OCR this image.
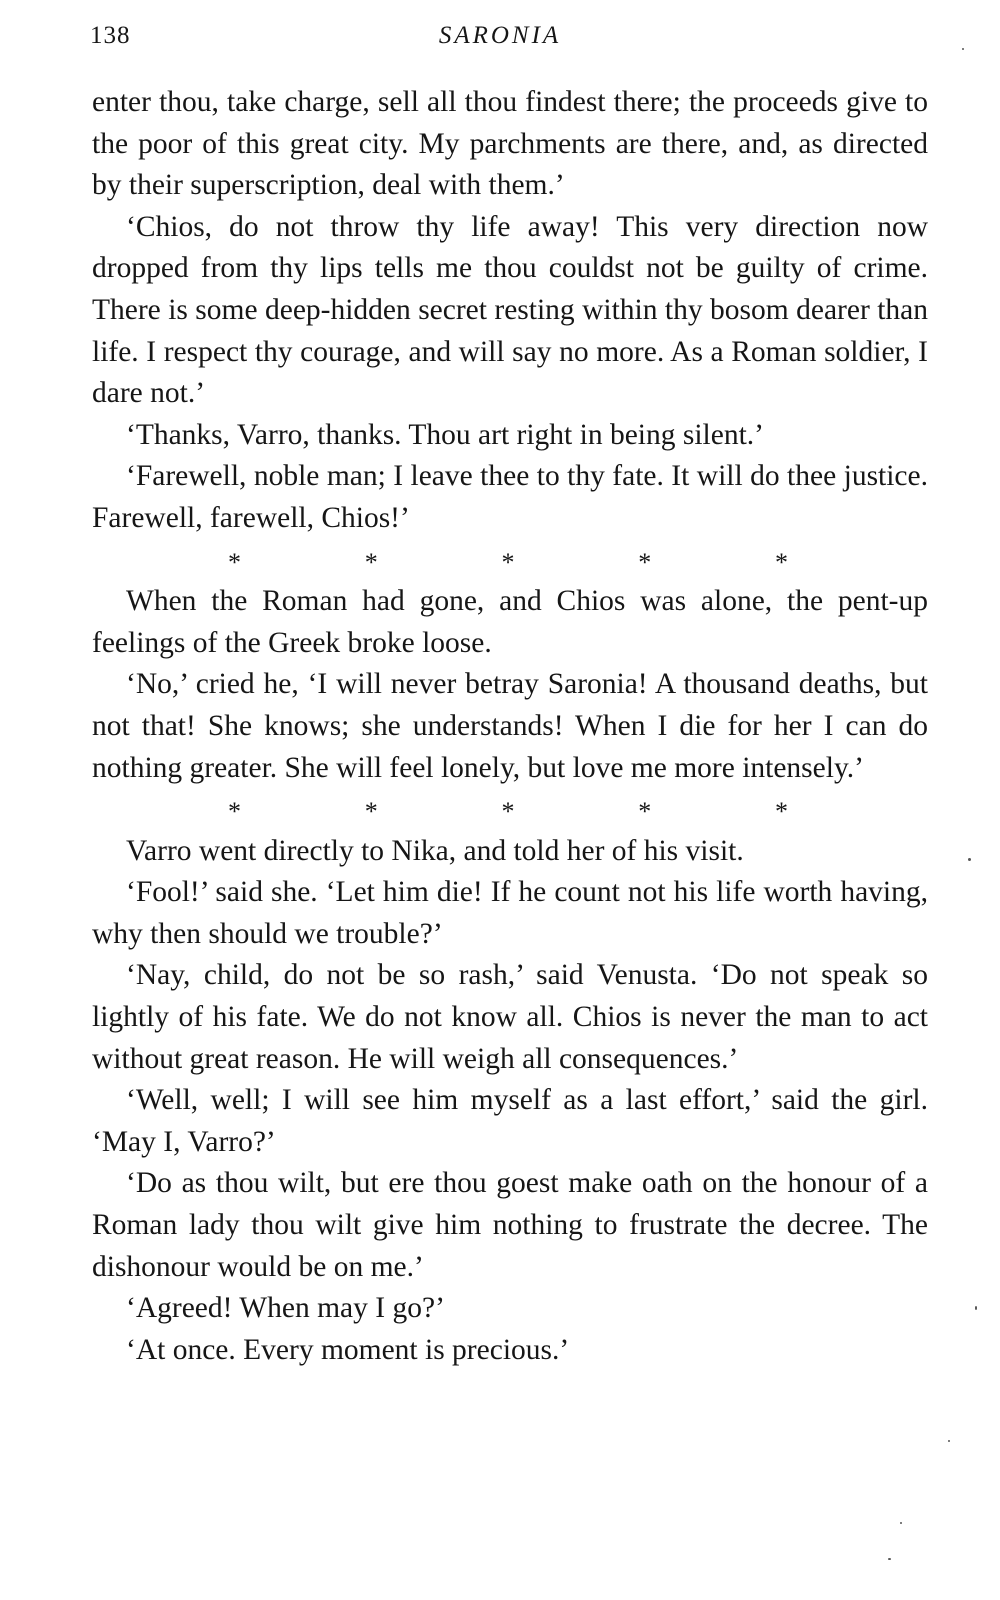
138	SARONIA

enter thou, take charge, sell all thou findest there; the proceeds give to the poor of this great city. My parchments are there, and, as directed by their superscription, deal with them.’

‘Chios, do not throw thy life away! This very direction now dropped from thy lips tells me thou couldst not be guilty of crime. There is some deep-hidden secret resting within thy bosom dearer than life. I respect thy courage, and will say no more. As a Roman soldier, I dare not.’

‘Thanks, Varro, thanks. Thou art right in being silent.’

‘Farewell, noble man; I leave thee to thy fate. It will do thee justice. Farewell, farewell, Chios!’

*	*	*	*	*

When the Roman had gone, and Chios was alone, the pent-up feelings of the Greek broke loose.

‘No,’ cried he, ‘I will never betray Saronia! A thousand deaths, but not that! She knows; she understands! When I die for her I can do nothing greater. She will feel lonely, but love me more intensely.’

*	*	*	*	*

Varro went directly to Nika, and told her of his visit.

‘Fool!’ said she. ‘Let him die! If he count not his life worth having, why then should we trouble?’

‘Nay, child, do not be so rash,’ said Venusta. ‘Do not speak so lightly of his fate. We do not know all. Chios is never the man to act without great reason. He will weigh all consequences.’

‘Well, well; I will see him myself as a last effort,’ said the girl. ‘May I, Varro?’

‘Do as thou wilt, but ere thou goest make oath on the honour of a Roman lady thou wilt give him nothing to frustrate the decree. The dishonour would be on me.’

‘Agreed! When may I go?’

‘At once. Every moment is precious.’
